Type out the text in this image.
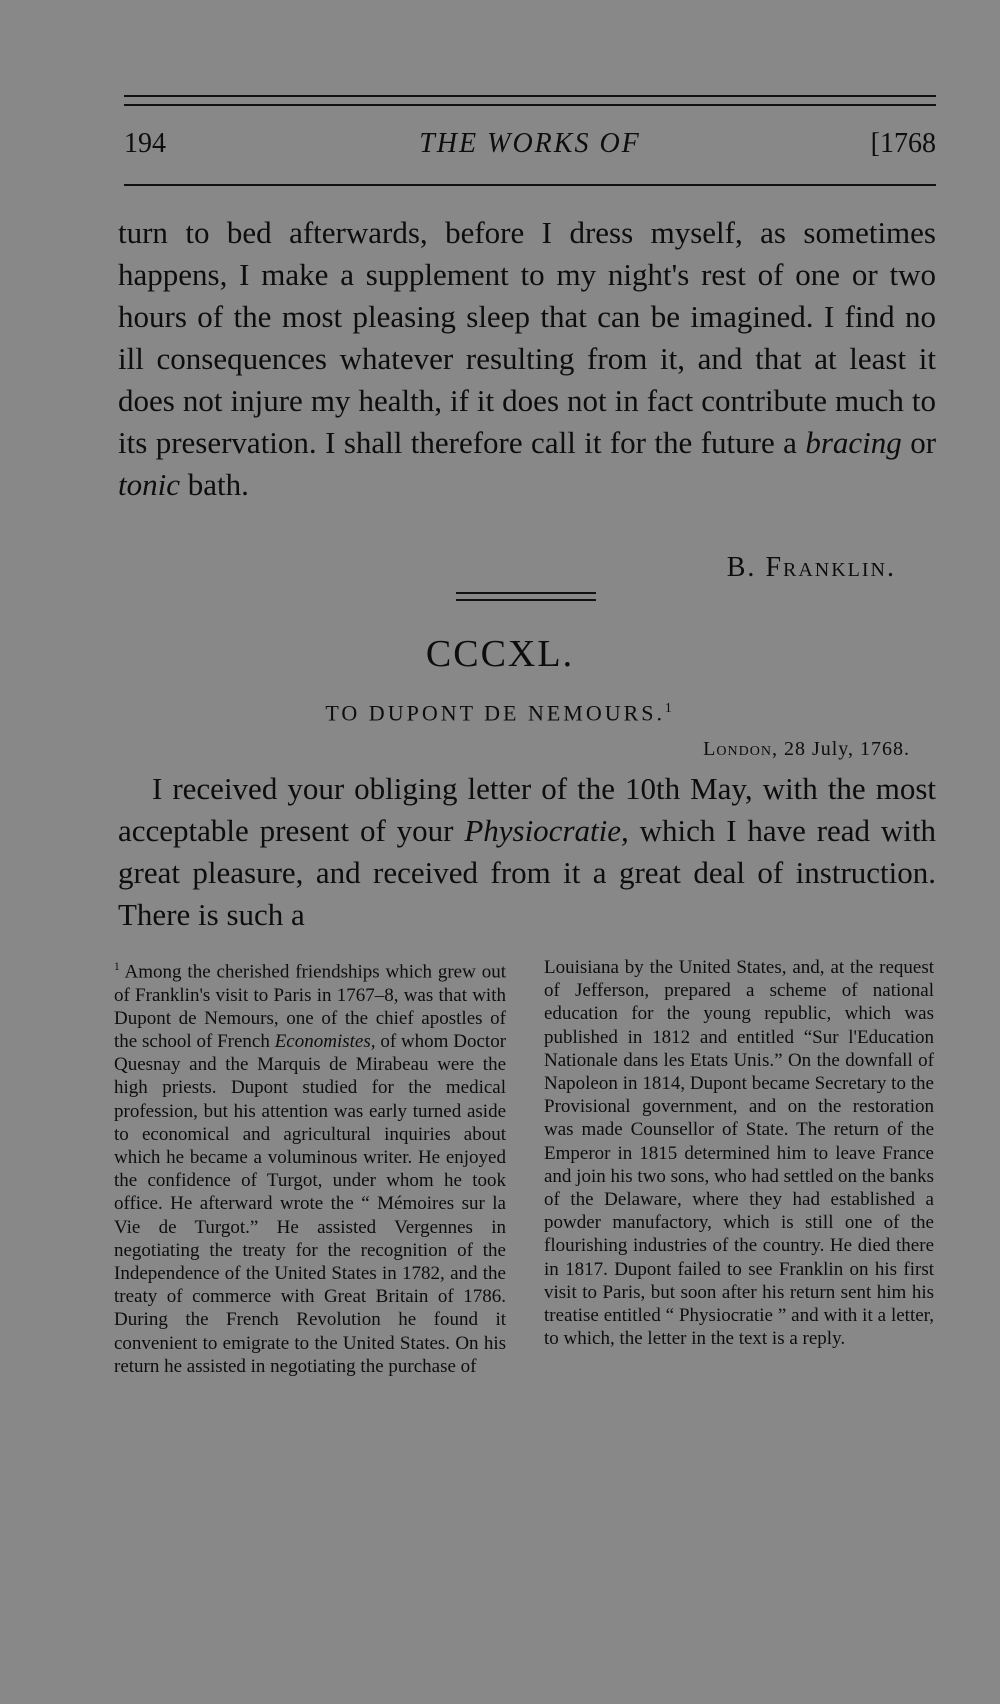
194	THE WORKS OF	[1768

turn to bed afterwards, before I dress myself, as sometimes happens, I make a supplement to my night's rest of one or two hours of the most pleasing sleep that can be imagined. I find no ill consequences whatever resulting from it, and that at least it does not injure my health, if it does not in fact contribute much to its preservation. I shall therefore call it for the future a bracing or tonic bath.

B. Franklin.
CCCXL.
TO DUPONT DE NEMOURS.$^1$
London, 28 July, 1768.

I received your obliging letter of the 10th May, with the most acceptable present of your Physiocratie, which I have read with great pleasure, and received from it a great deal of instruction. There is such a

$^1$ Among the cherished friendships which grew out of Franklin's visit to Paris in 1767–8, was that with Dupont de Nemours, one of the chief apostles of the school of French Economistes, of whom Doctor Quesnay and the Marquis de Mirabeau were the high priests. Dupont studied for the medical profession, but his attention was early turned aside to economical and agricultural inquiries about which he became a voluminous writer. He enjoyed the confidence of Turgot, under whom he took office. He afterward wrote the “ Mémoires sur la Vie de Turgot.” He assisted Vergennes in negotiating the treaty for the recognition of the Independence of the United States in 1782, and the treaty of commerce with Great Britain of 1786. During the French Revolution he found it convenient to emigrate to the United States. On his return he assisted in negotiating the purchase of

Louisiana by the United States, and, at the request of Jefferson, prepared a scheme of national education for the young republic, which was published in 1812 and entitled “Sur l'Education Nationale dans les Etats Unis.” On the downfall of Napoleon in 1814, Dupont became Secretary to the Provisional government, and on the restoration was made Counsellor of State. The return of the Emperor in 1815 determined him to leave France and join his two sons, who had settled on the banks of the Delaware, where they had established a powder manufactory, which is still one of the flourishing industries of the country. He died there in 1817. Dupont failed to see Franklin on his first visit to Paris, but soon after his return sent him his treatise entitled “ Physiocratie ” and with it a letter, to which, the letter in the text is a reply.
